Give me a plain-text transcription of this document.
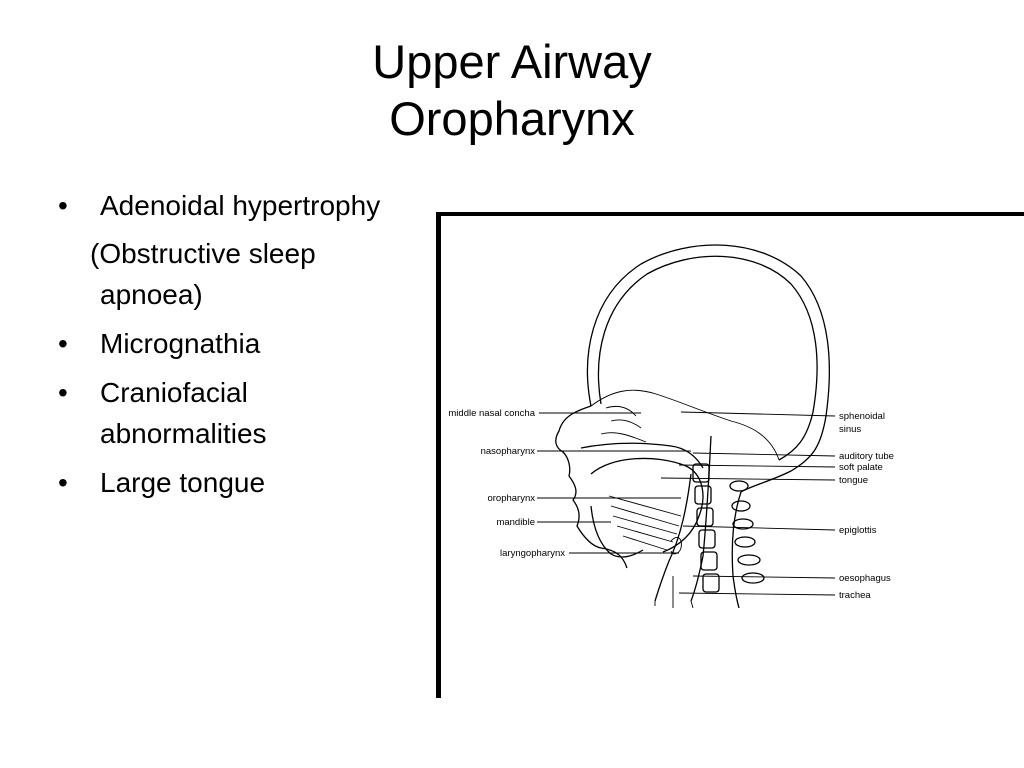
Upper Airway
Oropharynx
• Adenoidal hypertrophy
(Obstructive sleep
apnoea)
• Micrognathia
• Craniofacial
abnormalities
• Large tongue
middle nasal concha
nasopharynx
oropharynx
mandible
laryngopharynx
sphenoidal
sinus
auditory tube
soft palate
tongue
epiglottis
oesophagus
trachea
